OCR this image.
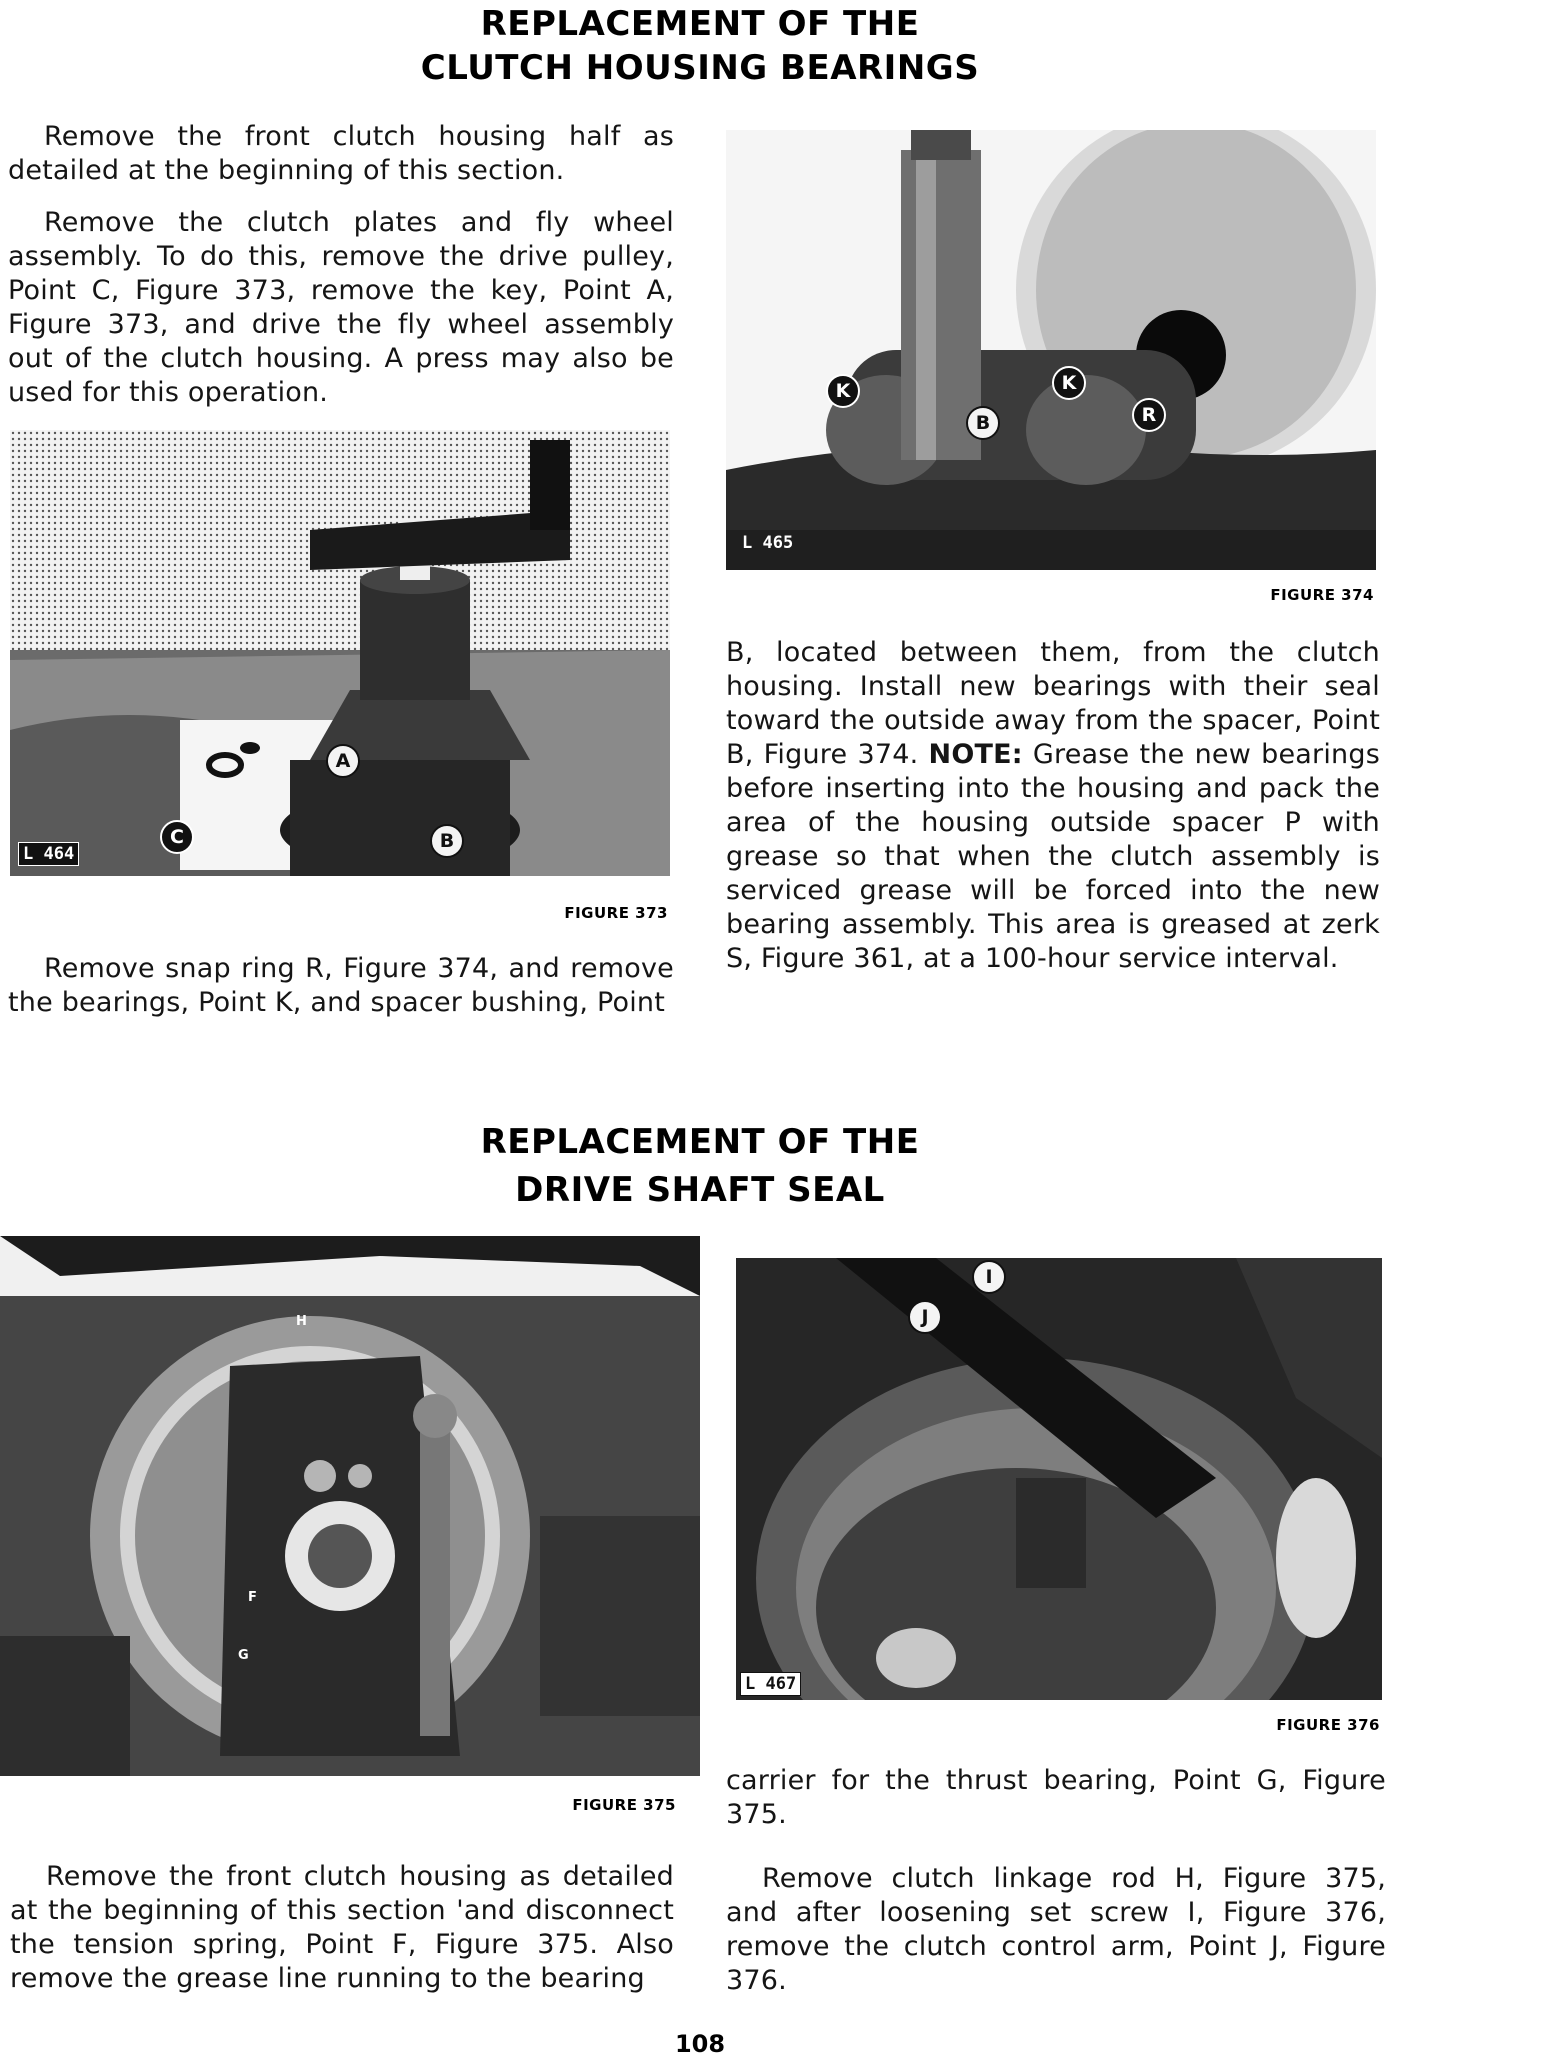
REPLACEMENT OF THE
CLUTCH HOUSING BEARINGS

Remove the front clutch housing half as detailed at the beginning of this section.

Remove the clutch plates and fly wheel assembly. To do this, remove the drive pulley, Point C, Figure 373, remove the key, Point A, Figure 373, and drive the fly wheel assembly out of the clutch housing. A press may also be used for this operation.

L 464
A
C	B
FIGURE 373

Remove snap ring R, Figure 374, and remove the bearings, Point K, and spacer bushing, Point

L 465
K
B
K
R
FIGURE 374

B, located between them, from the clutch housing. Install new bearings with their seal toward the outside away from the spacer, Point B, Figure 374. NOTE: Grease the new bearings before inserting into the housing and pack the area of the housing outside spacer P with grease so that when the clutch assembly is serviced grease will be forced into the new bearing assembly. This area is greased at zerk S, Figure 361, at a 100-hour service interval.

REPLACEMENT OF THE
DRIVE SHAFT SEAL
H
F
G
FIGURE 375

Remove the front clutch housing as detailed at the beginning of this section 'and disconnect the tension spring, Point F, Figure 375. Also remove the grease line running to the bearing

L 467
I
J
FIGURE 376

carrier for the thrust bearing, Point G, Figure 375.

Remove clutch linkage rod H, Figure 375, and after loosening set screw I, Figure 376, remove the clutch control arm, Point J, Figure 376.

108
